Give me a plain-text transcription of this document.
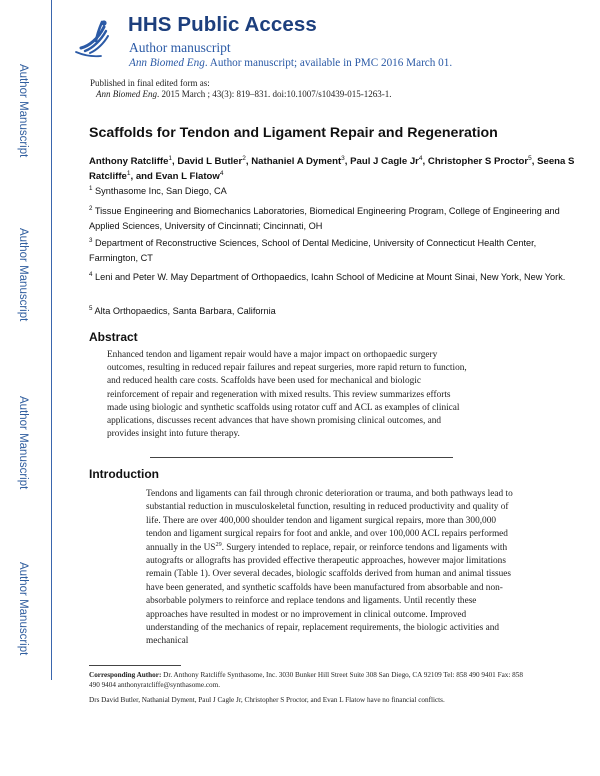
Author Manuscript
Author Manuscript
Author Manuscript
Author Manuscript
HHS Public Access
Author manuscript
Ann Biomed Eng. Author manuscript; available in PMC 2016 March 01.
Published in final edited form as:
Ann Biomed Eng. 2015 March ; 43(3): 819–831. doi:10.1007/s10439-015-1263-1.
Scaffolds for Tendon and Ligament Repair and Regeneration
Anthony Ratcliffe$^1$, David L Butler$^2$, Nathaniel A Dyment$^3$, Paul J Cagle Jr$^4$, Christopher S Proctor$^5$, Seena S Ratcliffe$^1$, and Evan L Flatow$^4$
$^1$ Synthasome Inc, San Diego, CA
$^2$ Tissue Engineering and Biomechanics Laboratories, Biomedical Engineering Program, College of Engineering and Applied Sciences, University of Cincinnati; Cincinnati, OH
$^3$ Department of Reconstructive Sciences, School of Dental Medicine, University of Connecticut Health Center, Farmington, CT
$^4$ Leni and Peter W. May Department of Orthopaedics, Icahn School of Medicine at Mount Sinai, New York, New York.
$^5$ Alta Orthopaedics, Santa Barbara, California
Abstract
Enhanced tendon and ligament repair would have a major impact on orthopaedic surgery outcomes, resulting in reduced repair failures and repeat surgeries, more rapid return to function, and reduced health care costs. Scaffolds have been used for mechanical and biologic reinforcement of repair and regeneration with mixed results. This review summarizes efforts made using biologic and synthetic scaffolds using rotator cuff and ACL as examples of clinical applications, discusses recent advances that have shown promising clinical outcomes, and provides insight into future therapy.
Introduction
Tendons and ligaments can fail through chronic deterioration or trauma, and both pathways lead to substantial reduction in musculoskeletal function, resulting in reduced productivity and quality of life. There are over 400,000 shoulder tendon and ligament surgical repairs, more than 300,000 tendon and ligament surgical repairs for foot and ankle, and over 100,000 ACL repairs performed annually in the US$^{29}$. Surgery intended to replace, repair, or reinforce tendons and ligaments with autografts or allografts has provided effective therapeutic approaches, however major limitations remain (Table 1). Over several decades, biologic scaffolds derived from human and animal tissues have been generated, and synthetic scaffolds have been manufactured from absorbable and non-absorbable polymers to reinforce and replace tendons and ligaments. Until recently these approaches have resulted in modest or no improvement in clinical outcome. Improved understanding of the mechanics of repair, replacement requirements, the biologic activities and mechanical
Corresponding Author: Dr. Anthony Ratcliffe Synthasome, Inc. 3030 Bunker Hill Street Suite 308 San Diego, CA 92109 Tel: 858 490 9401 Fax: 858 490 9404 anthonyratcliffe@synthasome.com.
Drs David Butler, Nathanial Dyment, Paul J Cagle Jr, Christopher S Proctor, and Evan L Flatow have no financial conflicts.
